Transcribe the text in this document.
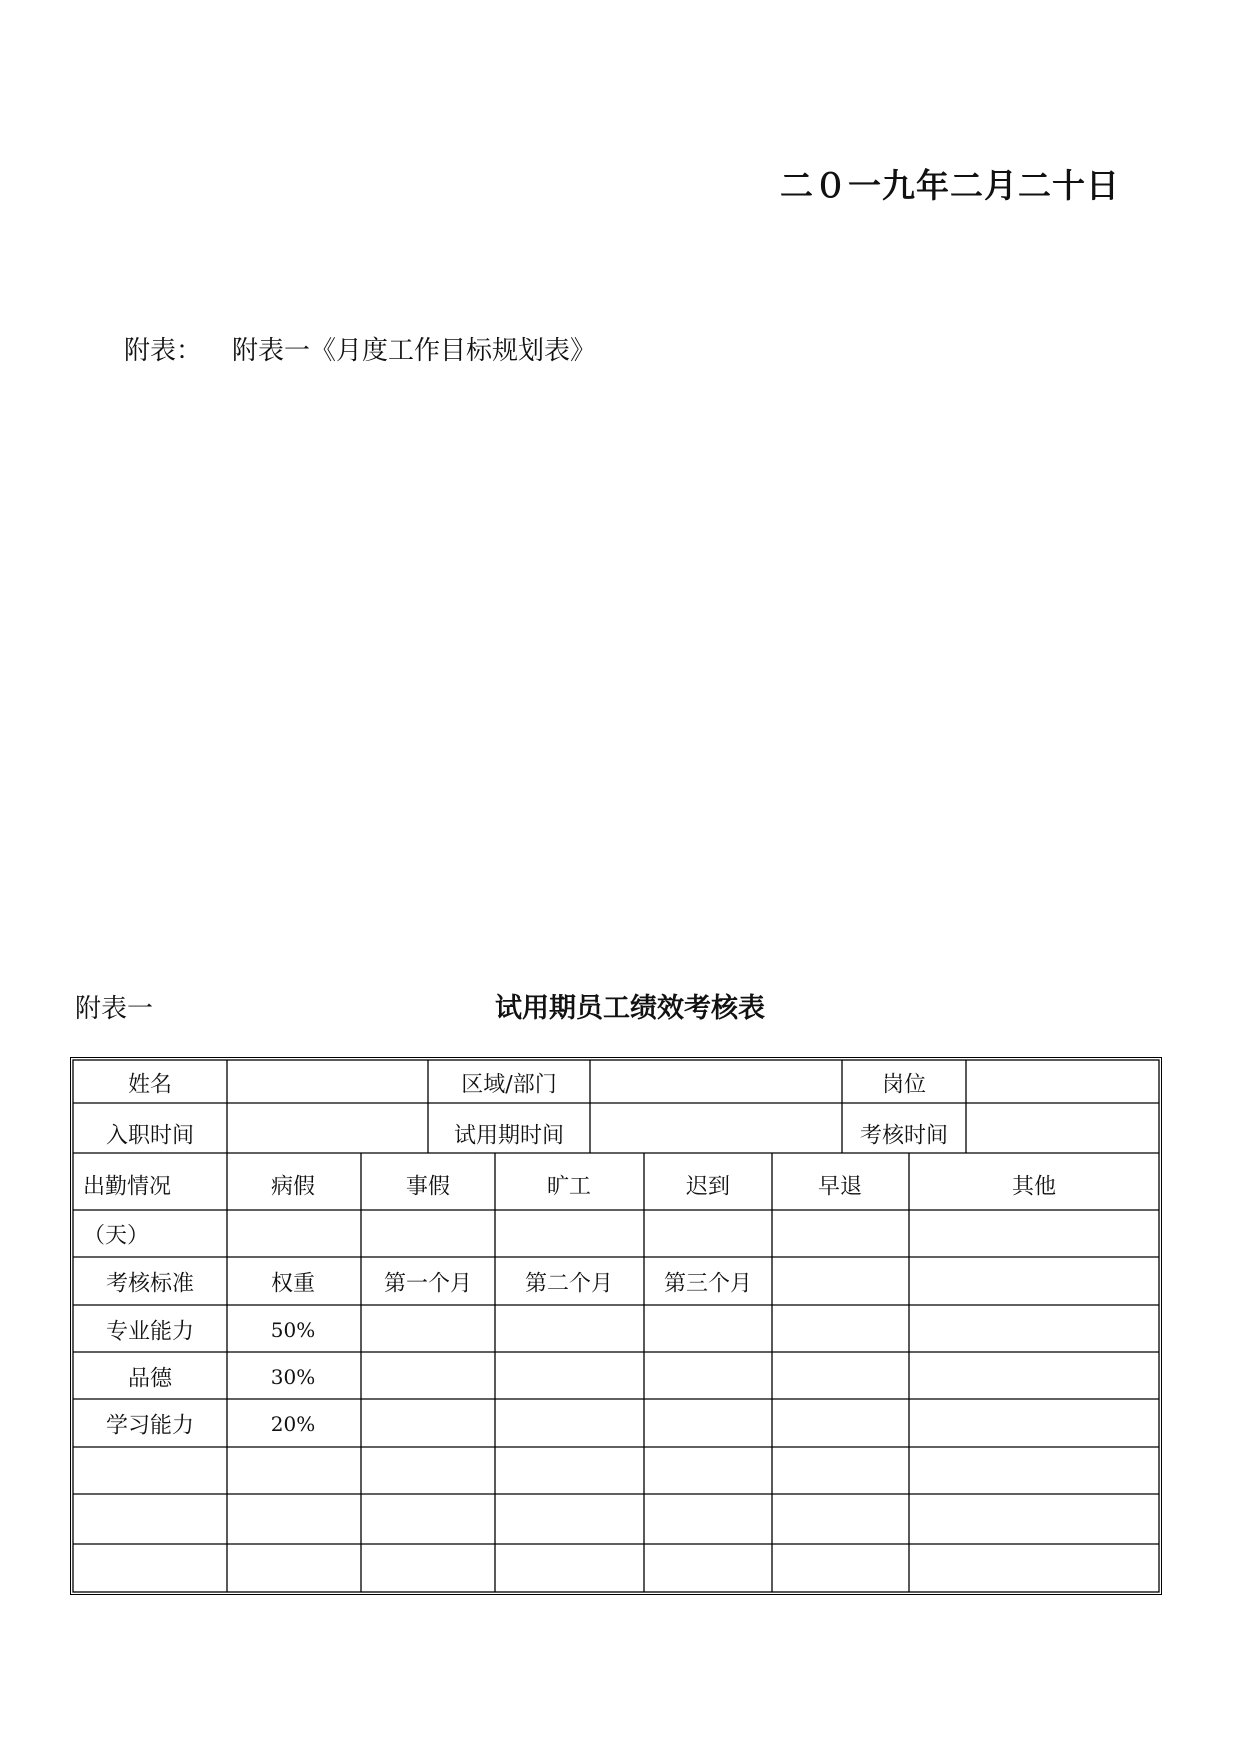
二０一九年二月二十日
附表： 附表一《月度工作目标规划表》
附表一	试用期员工绩效考核表
姓名	区域/部门	岗位
入职时间	试用期时间	考核时间
出勤情况	病假	事假	旷工	迟到	早退	其他
（天）
考核标准	权重	第一个月 第二个月 第三个月
专业能力	50%
品德	30%
学习能力	20%
